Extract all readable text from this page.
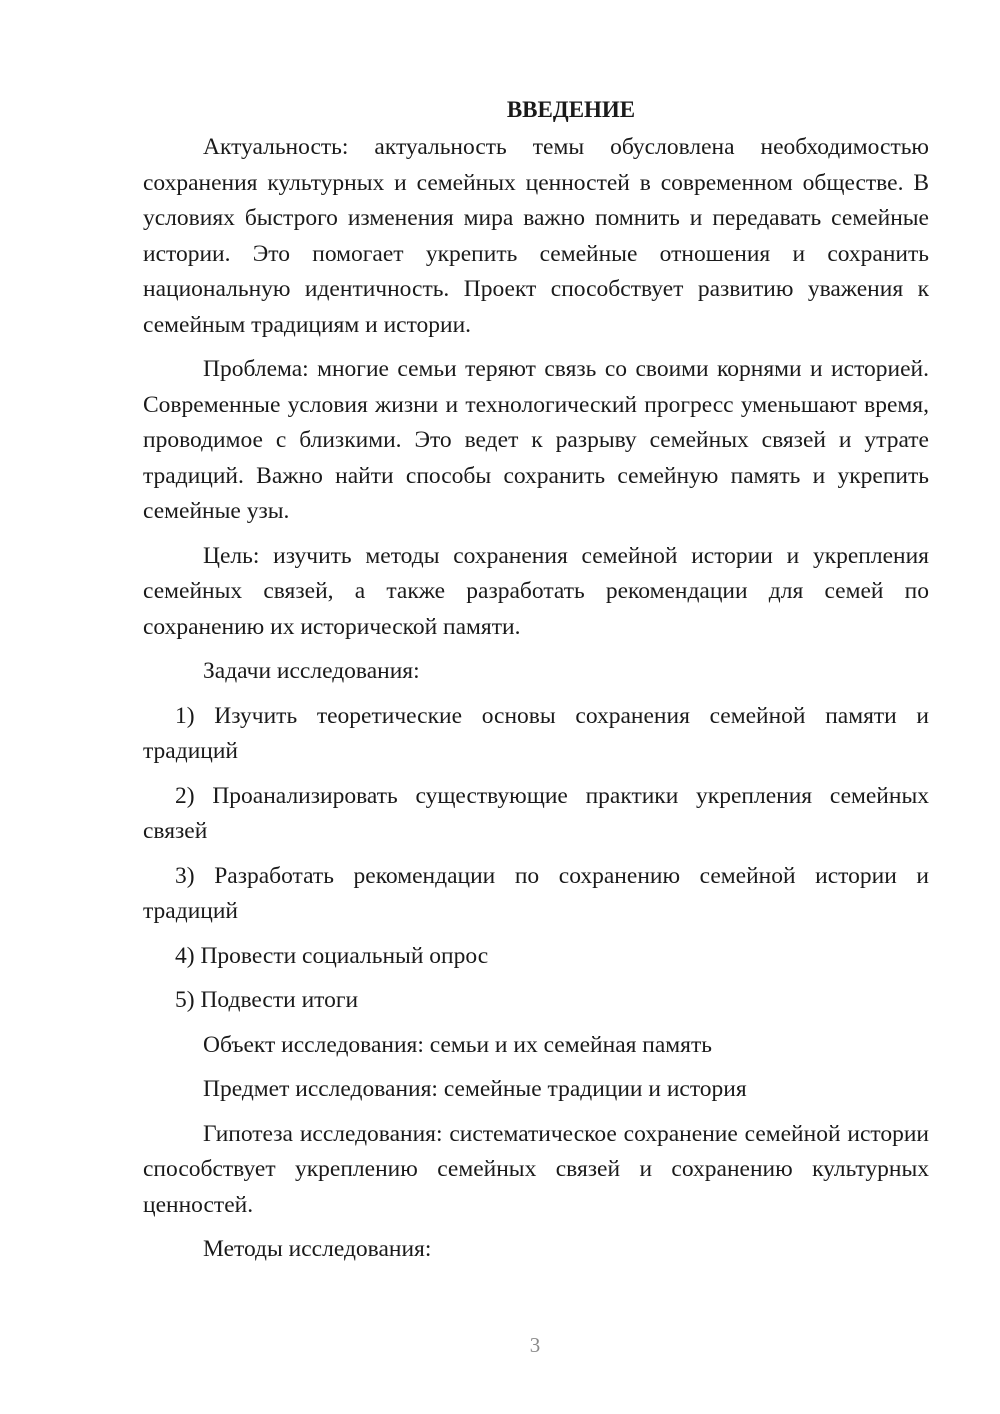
ВВЕДЕНИЕ

Актуальность: актуальность темы обусловлена необходимостью сохранения культурных и семейных ценностей в современном обществе. В условиях быстрого изменения мира важно помнить и передавать семейные истории. Это помогает укрепить семейные отношения и сохранить национальную идентичность. Проект способствует развитию уважения к семейным традициям и истории.

Проблема: многие семьи теряют связь со своими корнями и историей. Современные условия жизни и технологический прогресс уменьшают время, проводимое с близкими. Это ведет к разрыву семейных связей и утрате традиций. Важно найти способы сохранить семейную память и укрепить семейные узы.

Цель: изучить методы сохранения семейной истории и укрепления семейных связей, а также разработать рекомендации для семей по сохранению их исторической памяти.

Задачи исследования:

1) Изучить теоретические основы сохранения семейной памяти и традиций

2) Проанализировать существующие практики укрепления семейных связей

3) Разработать рекомендации по сохранению семейной истории и традиций

4) Провести социальный опрос

5) Подвести итоги

Объект исследования: семьи и их семейная память

Предмет исследования: семейные традиции и история

Гипотеза исследования: систематическое сохранение семейной истории способствует укреплению семейных связей и сохранению культурных ценностей.

Методы исследования:

3
